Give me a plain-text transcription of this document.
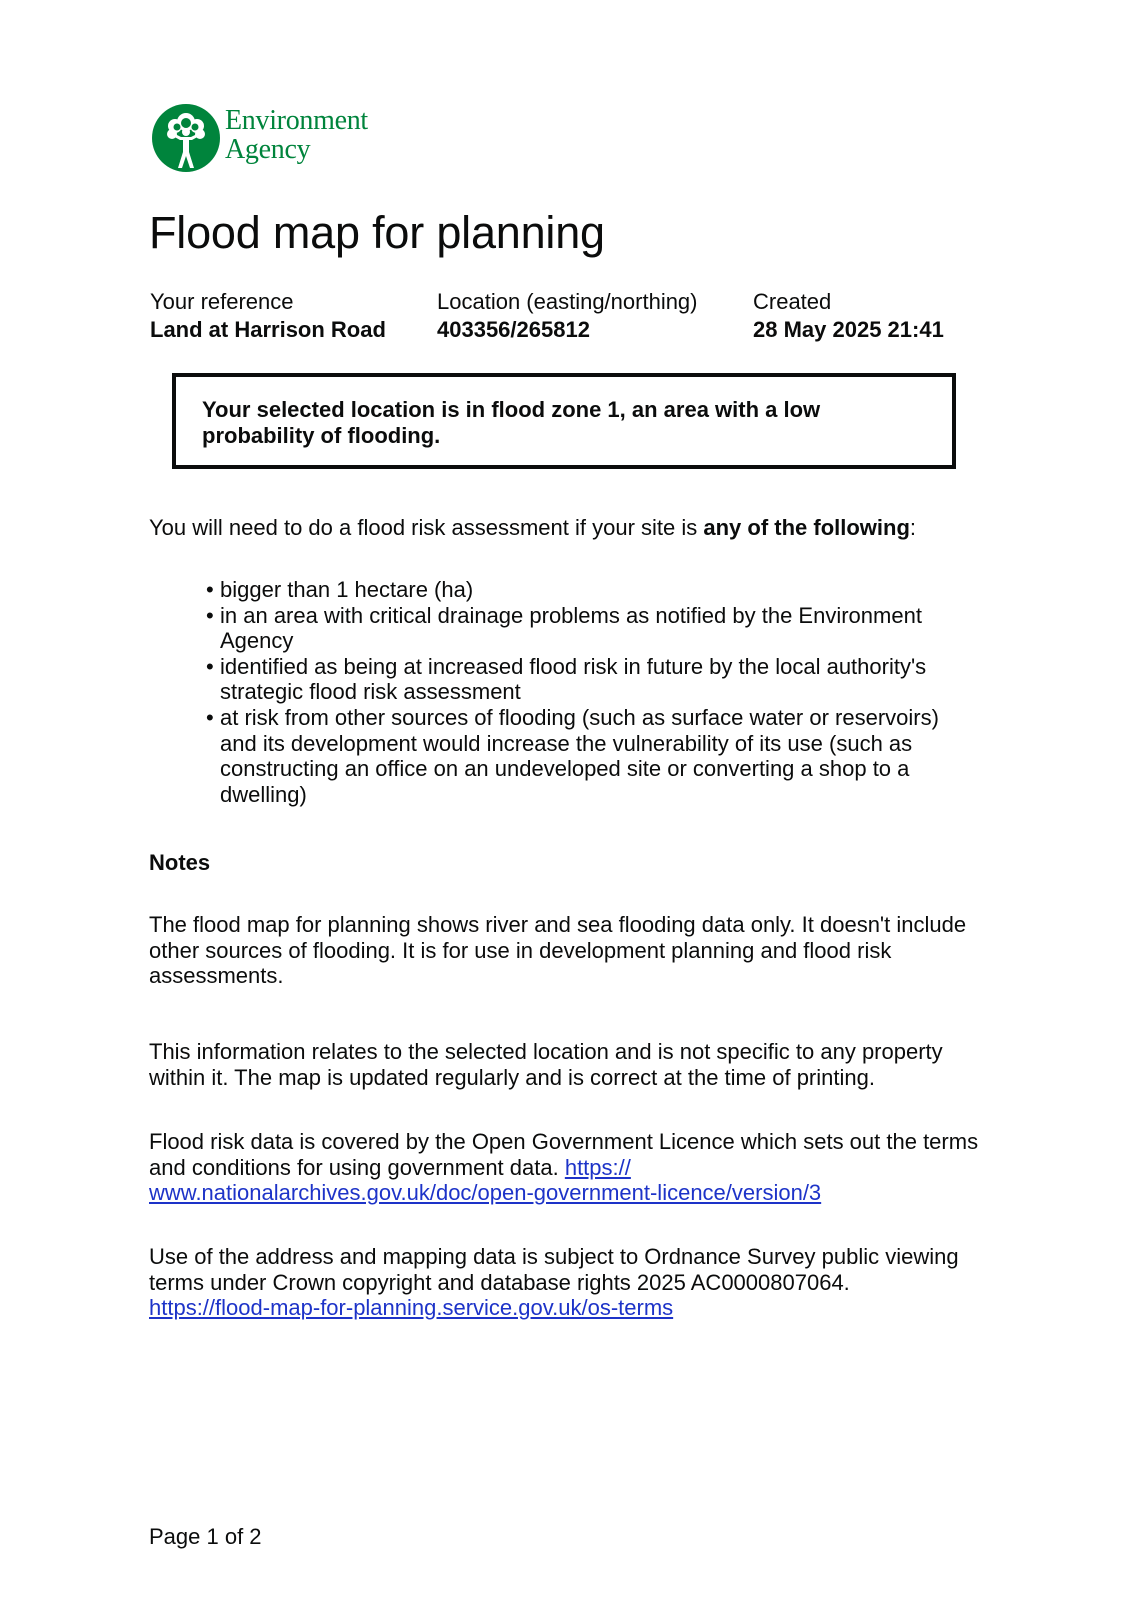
Environment
Agency
Flood map for planning
Your reference
Land at Harrison Road
Location (easting/northing)
403356/265812
Created
28 May 2025 21:41
Your selected location is in flood zone 1, an area with a low probability of flooding.

You will need to do a flood risk assessment if your site is any of the following:

• bigger than 1 hectare (ha)
• in an area with critical drainage problems as notified by the Environment Agency
• identified as being at increased flood risk in future by the local authority's strategic flood risk assessment
• at risk from other sources of flooding (such as surface water or reservoirs) and its development would increase the vulnerability of its use (such as constructing an office on an undeveloped site or converting a shop to a dwelling)
Notes

The flood map for planning shows river and sea flooding data only. It doesn't include other sources of flooding. It is for use in development planning and flood risk assessments.

This information relates to the selected location and is not specific to any property within it. The map is updated regularly and is correct at the time of printing.

Flood risk data is covered by the Open Government Licence which sets out the terms and conditions for using government data. https://
www.nationalarchives.gov.uk/doc/open-government-licence/version/3

Use of the address and mapping data is subject to Ordnance Survey public viewing terms under Crown copyright and database rights 2025 AC0000807064.
https://flood-map-for-planning.service.gov.uk/os-terms

Page 1 of 2
